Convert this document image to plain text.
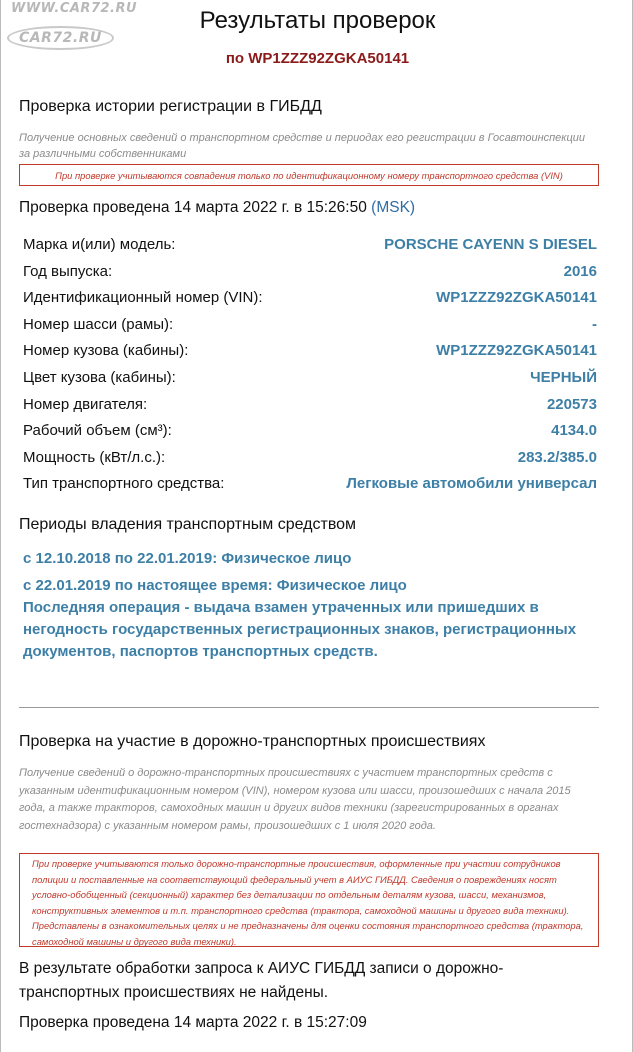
WWW.CAR72.RU
CAR72.RU
Результаты проверок
по WP1ZZZ92ZGKA50141
Проверка истории регистрации в ГИБДД
Получение основных сведений о транспортном средстве и периодах его регистрации в Госавтоинспекции за различными собственниками
При проверке учитываются совпадения только по идентификационному номеру транспортного средства (VIN)
Проверка проведена 14 марта 2022 г. в 15:26:50 (MSK)
Марка и(или) модель:	PORSCHE CAYENN S DIESEL
Год выпуска:	2016
Идентификационный номер (VIN):	WP1ZZZ92ZGKA50141
Номер шасси (рамы):	-
Номер кузова (кабины):	WP1ZZZ92ZGKA50141
Цвет кузова (кабины):	ЧЕРНЫЙ
Номер двигателя:	220573
Рабочий объем (см³):	4134.0
Мощность (кВт/л.с.):	283.2/385.0
Тип транспортного средства:	Легковые автомобили универсал
Периоды владения транспортным средством
с 12.10.2018 по 22.01.2019: Физическое лицо
с 22.01.2019 по настоящее время: Физическое лицо
Последняя операция - выдача взамен утраченных или пришедших в негодность государственных регистрационных знаков, регистрационных документов, паспортов транспортных средств.
Проверка на участие в дорожно-транспортных происшествиях
Получение сведений о дорожно-транспортных происшествиях с участием транспортных средств с указанным идентификационным номером (VIN), номером кузова или шасси, произошедших с начала 2015 года, а также тракторов, самоходных машин и других видов техники (зарегистрированных в органах гостехнадзора) с указанным номером рамы, произошедших с 1 июля 2020 года.
При проверке учитываются только дорожно-транспортные происшествия, оформленные при участии сотрудников полиции и поставленные на соответствующий федеральный учет в АИУС ГИБДД. Сведения о повреждениях носят условно-обобщенный (секционный) характер без детализации по отдельным деталям кузова, шасси, механизмов, конструктивных элементов и т.п. транспортного средства (трактора, самоходной машины и другого вида техники). Представлены в ознакомительных целях и не предназначены для оценки состояния транспортного средства (трактора, самоходной машины и другого вида техники).
В результате обработки запроса к АИУС ГИБДД записи о дорожно-транспортных происшествиях не найдены.
Проверка проведена 14 марта 2022 г. в 15:27:09
